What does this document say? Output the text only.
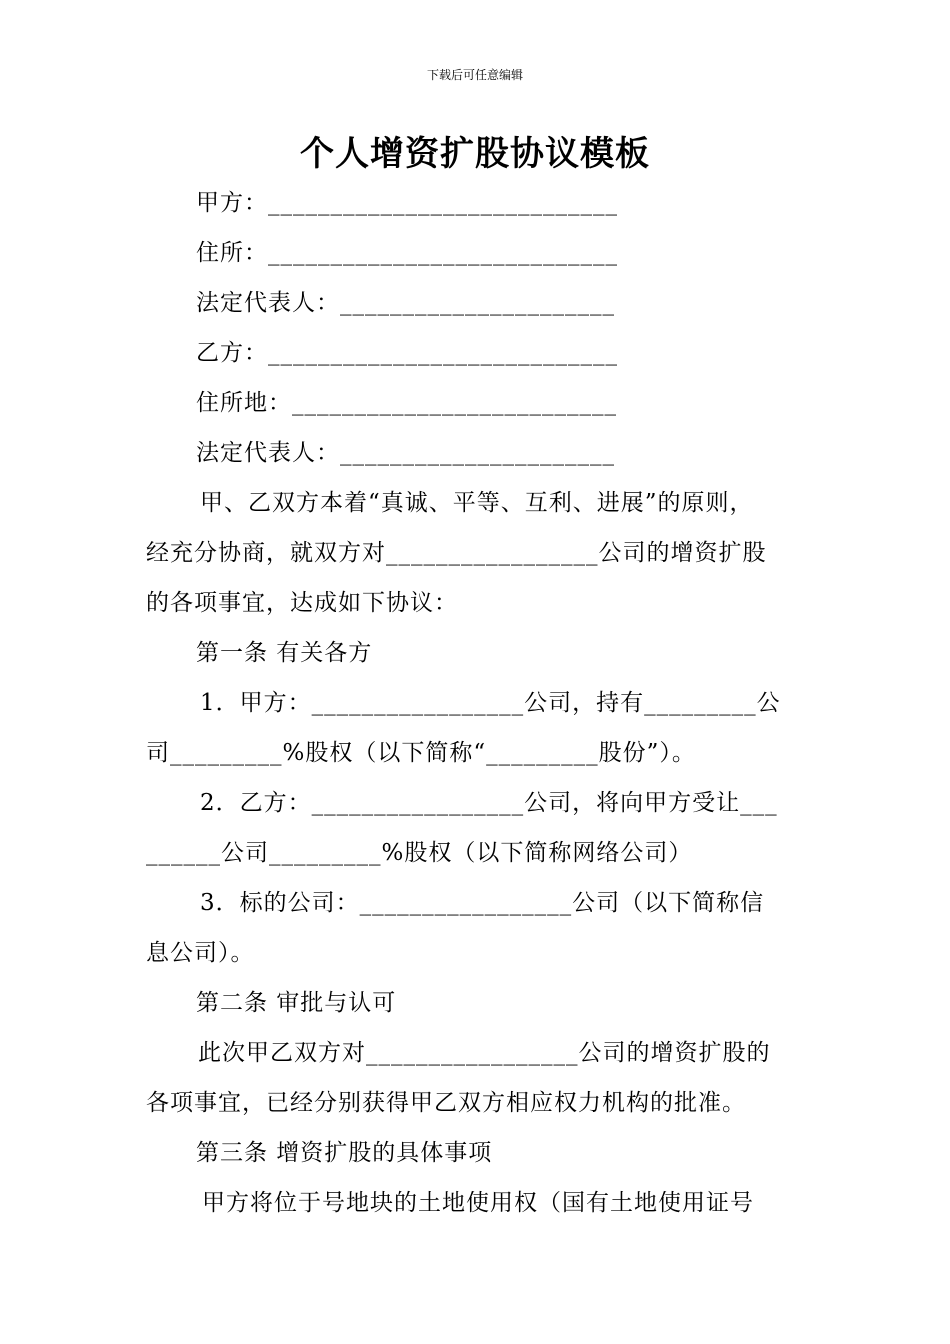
下载后可任意编辑
个人增资扩股协议模板
甲方：____________________________
住所：____________________________
法定代表人：______________________
乙方：____________________________
住所地：__________________________
法定代表人：______________________
甲、乙双方本着“真诚、平等、互利、进展”的原则，
经充分协商，就双方对_________________公司的增资扩股
的各项事宜，达成如下协议：
第一条 有关各方
1．甲方：_________________公司，持有_________公
司_________%股权（以下简称“_________股份”）。
2．乙方：_________________公司，将向甲方受让___
______公司_________%股权（以下简称网络公司）
3．标的公司：_________________公司（以下简称信
息公司）。
第二条 审批与认可
此次甲乙双方对_________________公司的增资扩股的
各项事宜，已经分别获得甲乙双方相应权力机构的批准。
第三条 增资扩股的具体事项
甲方将位于号地块的土地使用权（国有土地使用证号
